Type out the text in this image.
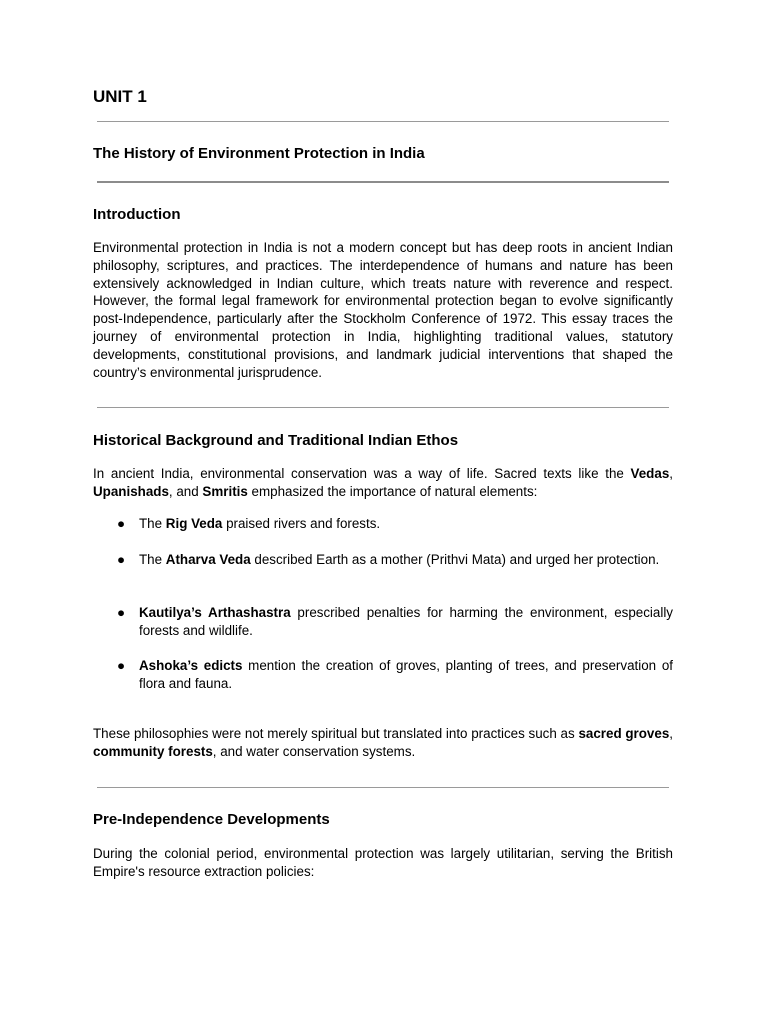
UNIT 1
The History of Environment Protection in India
Introduction

Environmental protection in India is not a modern concept but has deep roots in ancient Indian philosophy, scriptures, and practices. The interdependence of humans and nature has been extensively acknowledged in Indian culture, which treats nature with reverence and respect. However, the formal legal framework for environmental protection began to evolve significantly post-Independence, particularly after the Stockholm Conference of 1972. This essay traces the journey of environmental protection in India, highlighting traditional values, statutory developments, constitutional provisions, and landmark judicial interventions that shaped the country’s environmental jurisprudence.

Historical Background and Traditional Indian Ethos

In ancient India, environmental conservation was a way of life. Sacred texts like the Vedas, Upanishads, and Smritis emphasized the importance of natural elements:

● The Rig Veda praised rivers and forests.
● The Atharva Veda described Earth as a mother (Prithvi Mata) and urged her protection.
● Kautilya’s Arthashastra prescribed penalties for harming the environment, especially forests and wildlife.
● Ashoka’s edicts mention the creation of groves, planting of trees, and preservation of flora and fauna.

These philosophies were not merely spiritual but translated into practices such as sacred groves, community forests, and water conservation systems.

Pre-Independence Developments

During the colonial period, environmental protection was largely utilitarian, serving the British Empire's resource extraction policies:
